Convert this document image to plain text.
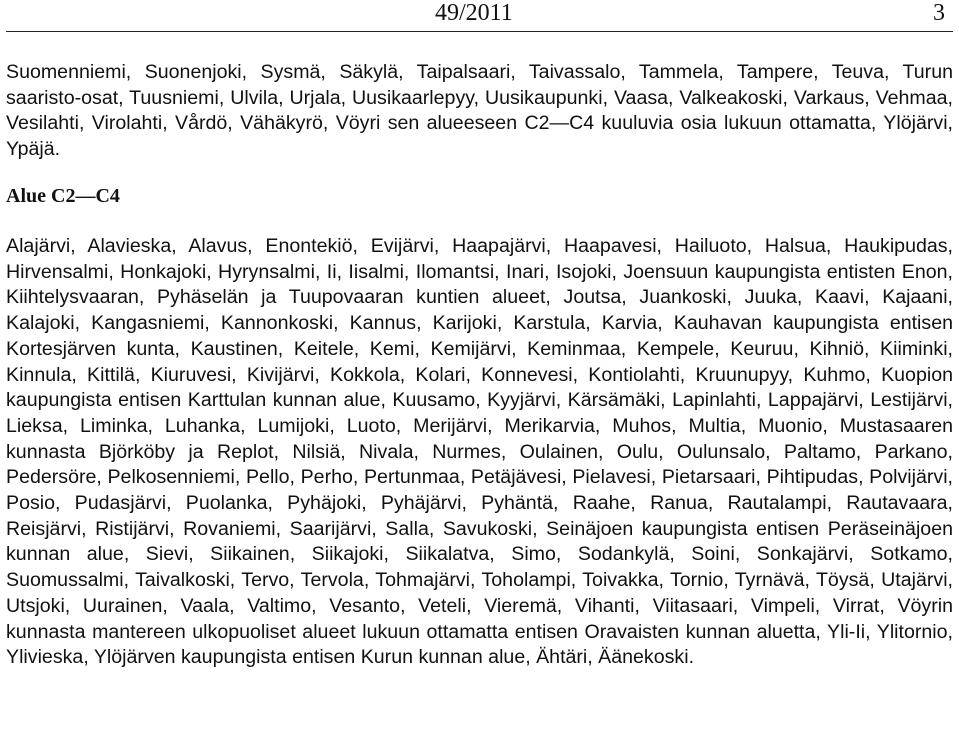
49/2011	3

Suomenniemi, Suonenjoki, Sysmä, Säkylä, Taipalsaari, Taivassalo, Tammela, Tampere, Teuva, Turun saaristo-osat, Tuusniemi, Ulvila, Urjala, Uusikaarlepyy, Uusikaupunki, Vaasa, Valkeakoski, Varkaus, Vehmaa, Vesilahti, Virolahti, Vårdö, Vähäkyrö, Vöyri sen alueeseen C2—C4 kuuluvia osia lukuun ottamatta, Ylöjärvi, Ypäjä.

Alue C2—C4

Alajärvi, Alavieska, Alavus, Enontekiö, Evijärvi, Haapajärvi, Haapavesi, Hailuoto, Halsua, Haukipudas, Hirvensalmi, Honkajoki, Hyrynsalmi, Ii, Iisalmi, Ilomantsi, Inari, Isojoki, Joensuun kaupungista entisten Enon, Kiihtelysvaaran, Pyhäselän ja Tuupovaaran kuntien alueet, Joutsa, Juankoski, Juuka, Kaavi, Kajaani, Kalajoki, Kangasniemi, Kannonkoski, Kannus, Karijoki, Karstula, Karvia, Kauhavan kaupungista entisen Kortesjärven kunta, Kaustinen, Keitele, Kemi, Kemijärvi, Keminmaa, Kempele, Keuruu, Kihniö, Kiiminki, Kinnula, Kittilä, Kiuruvesi, Kivijärvi, Kokkola, Kolari, Konnevesi, Kontiolahti, Kruunupyy, Kuhmo, Kuopion kaupungista entisen Karttulan kunnan alue, Kuusamo, Kyyjärvi, Kärsämäki, Lapinlahti, Lappajärvi, Lestijärvi, Lieksa, Liminka, Luhanka, Lumijoki, Luoto, Merijärvi, Merikarvia, Muhos, Multia, Muonio, Mustasaaren kunnasta Björköby ja Replot, Nilsiä, Nivala, Nurmes, Oulainen, Oulu, Oulunsalo, Paltamo, Parkano, Pedersöre, Pelkosenniemi, Pello, Perho, Pertunmaa, Petäjävesi, Pielavesi, Pietarsaari, Pihtipudas, Polvijärvi, Posio, Pudasjärvi, Puolanka, Pyhäjoki, Pyhäjärvi, Pyhäntä, Raahe, Ranua, Rautalampi, Rautavaara, Reisjärvi, Ristijärvi, Rovaniemi, Saarijärvi, Salla, Savukoski, Seinäjoen kaupungista entisen Peräseinäjoen kunnan alue, Sievi, Siikainen, Siikajoki, Siikalatva, Simo, Sodankylä, Soini, Sonkajärvi, Sotkamo, Suomussalmi, Taivalkoski, Tervo, Tervola, Tohmajärvi, Toholampi, Toivakka, Tornio, Tyrnävä, Töysä, Utajärvi, Utsjoki, Uurainen, Vaala, Valtimo, Vesanto, Veteli, Vieremä, Vihanti, Viitasaari, Vimpeli, Virrat, Vöyrin kunnasta mantereen ulkopuoliset alueet lukuun ottamatta entisen Oravaisten kunnan aluetta, Yli-Ii, Ylitornio, Ylivieska, Ylöjärven kaupungista entisen Kurun kunnan alue, Ähtäri, Äänekoski.
